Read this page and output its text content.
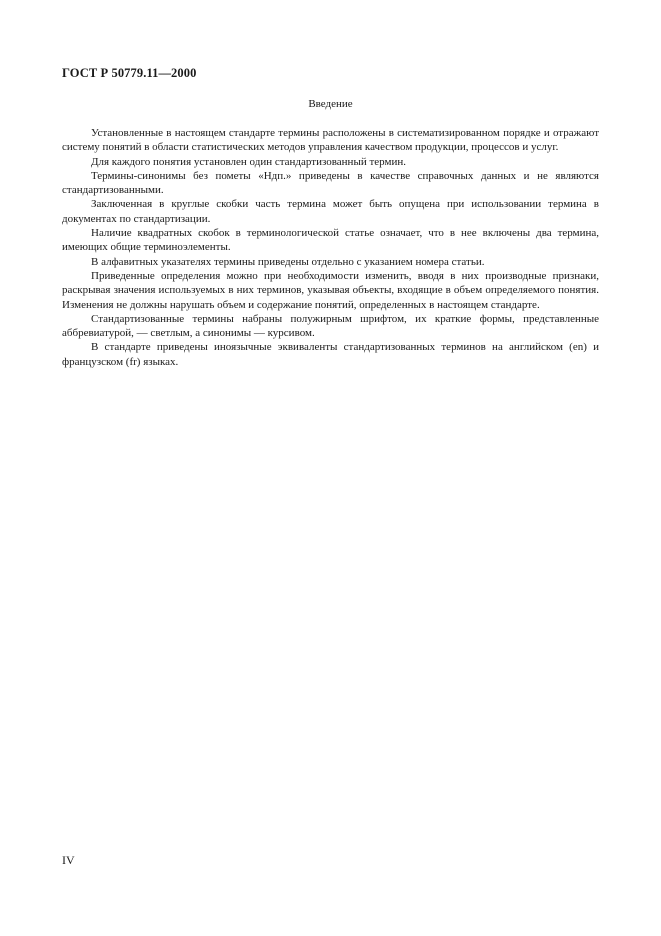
ГОСТ Р 50779.11—2000
Введение

Установленные в настоящем стандарте термины расположены в систематизированном порядке и отражают систему понятий в области статистических методов управления качеством продукции, процессов и услуг.

Для каждого понятия установлен один стандартизованный термин.

Термины-синонимы без пометы «Ндп.» приведены в качестве справочных данных и не являются стандартизованными.

Заключенная в круглые скобки часть термина может быть опущена при использовании термина в документах по стандартизации.

Наличие квадратных скобок в терминологической статье означает, что в нее включены два термина, имеющих общие терминоэлементы.

В алфавитных указателях термины приведены отдельно с указанием номера статьи.

Приведенные определения можно при необходимости изменить, вводя в них производные признаки, раскрывая значения используемых в них терминов, указывая объекты, входящие в объем определяемого понятия. Изменения не должны нарушать объем и содержание понятий, определенных в настоящем стандарте.

Стандартизованные термины набраны полужирным шрифтом, их краткие формы, представленные аббревиатурой, — светлым, а синонимы — курсивом.

В стандарте приведены иноязычные эквиваленты стандартизованных терминов на английском (en) и французском (fr) языках.

IV
